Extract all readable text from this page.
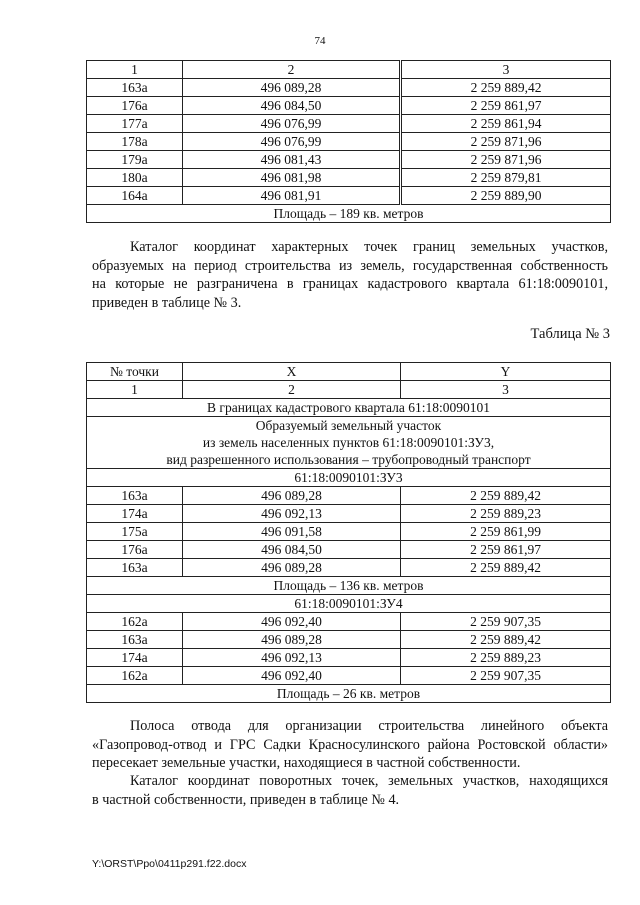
74
1	2	3
163а	496 089,28	2 259 889,42
176а	496 084,50	2 259 861,97
177а	496 076,99	2 259 861,94
178а	496 076,99	2 259 871,96
179а	496 081,43	2 259 871,96
180а	496 081,98	2 259 879,81
164а	496 081,91	2 259 889,90
Площадь – 189 кв. метров		
Каталог координат характерных точек границ земельных участков,
образуемых на период строительства из земель, государственная собственность
на которые не разграничена в границах кадастрового квартала 61:18:0090101,
приведен в таблице № 3.
Таблица № 3
№ точки	X	Y
1	2	3
В границах кадастрового квартала 61:18:0090101		

Образуемый земельный участок
из земель населенных пунктов 61:18:0090101:ЗУ3,
вид разрешенного использования – трубопроводный транспорт		

61:18:0090101:ЗУ3		
163а	496 089,28	2 259 889,42
174а	496 092,13	2 259 889,23
175а	496 091,58	2 259 861,99
176а	496 084,50	2 259 861,97
163а	496 089,28	2 259 889,42
Площадь – 136 кв. метров		
61:18:0090101:ЗУ4		
162а	496 092,40	2 259 907,35
163а	496 089,28	2 259 889,42
174а	496 092,13	2 259 889,23
162а	496 092,40	2 259 907,35
Площадь – 26 кв. метров		
Полоса отвода для организации строительства линейного объекта
«Газопровод-отвод и ГРС Садки Красносулинского района Ростовской области»
пересекает земельные участки, находящиеся в частной собственности.
Каталог координат поворотных точек, земельных участков, находящихся
в частной собственности, приведен в таблице № 4.
Y:\ORST\Ppo\0411p291.f22.docx
